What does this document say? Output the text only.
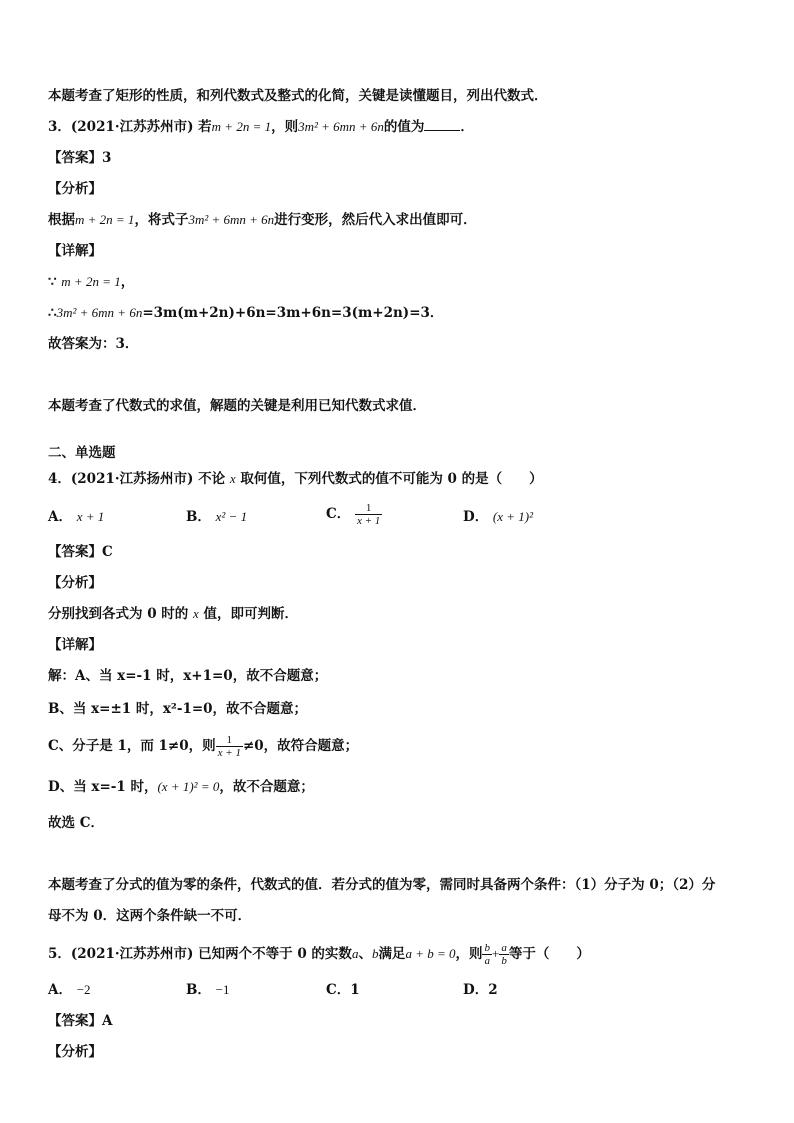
本题考查了矩形的性质，和列代数式及整式的化简，关键是读懂题目，列出代数式．
3．(2021·江苏苏州市) 若m + 2n = 1，则3m² + 6mn + 6n的值为	．
【答案】3
【分析】
根据m + 2n = 1，将式子3m² + 6mn + 6n进行变形，然后代入求出值即可．
【详解】
∵ m + 2n = 1，
∴3m² + 6mn + 6n=3m(m+2n)+6n=3m+6n=3(m+2n)=3．
故答案为：3．
本题考查了代数式的求值，解题的关键是利用已知代数式求值．
二、单选题
4．(2021·江苏扬州市) 不论 x 取何值，下列代数式的值不可能为 0 的是（　　）
A． x + 1	B． x² − 1	C． $\frac{1}{x + 1}$	D． (x + 1)²
【答案】C
【分析】
分别找到各式为 0 时的 x 值，即可判断．
【详解】
解：A、当 x=-1 时，x+1=0，故不合题意；
B、当 x=±1 时，x²-1=0，故不合题意；
C、分子是 1，而 1≠0，则 $\frac{1}{x + 1} \ne 0$，故符合题意；
D、当 x=-1 时，(x + 1)² = 0，故不合题意；
故选 C．
本题考查了分式的值为零的条件，代数式的值．若分式的值为零，需同时具备两个条件：（1）分子为 0；（2）分
母不为 0．这两个条件缺一不可．
5．(2021·江苏苏州市) 已知两个不等于 0 的实数a、b满足a + b = 0，则 $\frac{b}{a} + \frac{a}{b}$ 等于（　　）
A． −2	B． −1	C．1	D．2
【答案】A
【分析】
